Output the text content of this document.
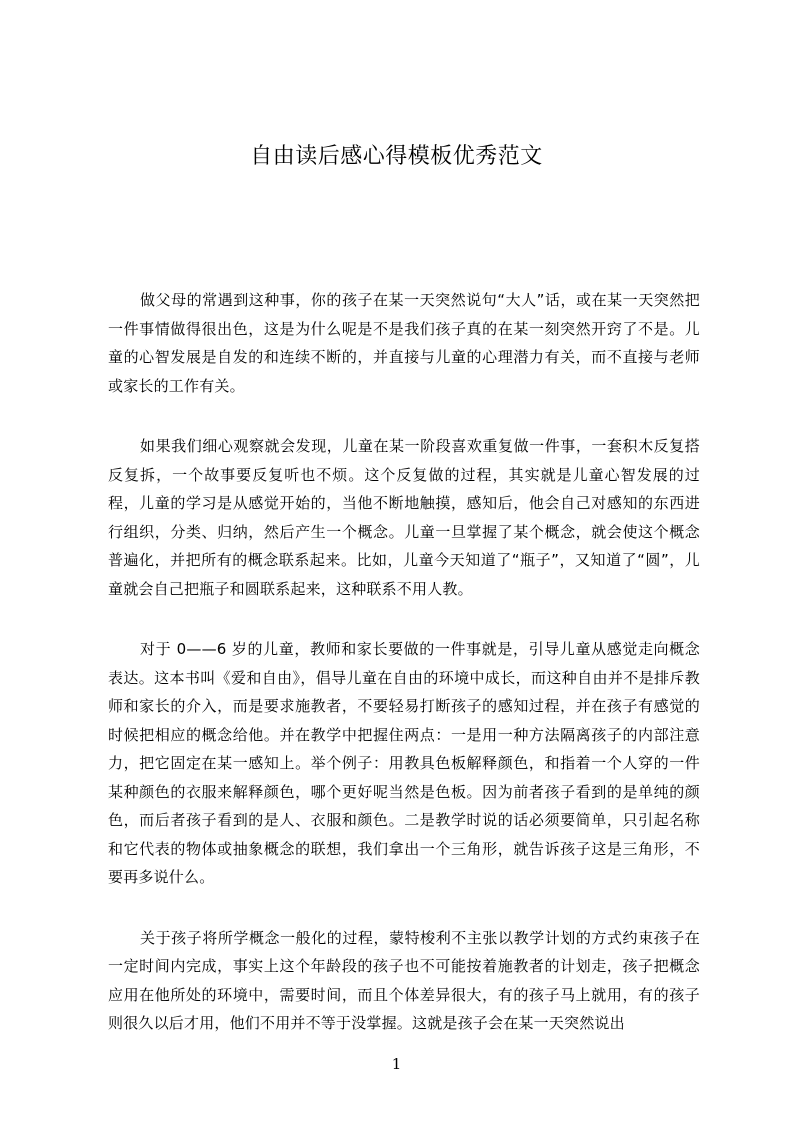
自由读后感心得模板优秀范文

做父母的常遇到这种事，你的孩子在某一天突然说句“大人”话，或在某一天突然把一件事情做得很出色，这是为什么呢是不是我们孩子真的在某一刻突然开窍了不是。儿童的心智发展是自发的和连续不断的，并直接与儿童的心理潜力有关，而不直接与老师或家长的工作有关。

如果我们细心观察就会发现，儿童在某一阶段喜欢重复做一件事，一套积木反复搭反复拆，一个故事要反复听也不烦。这个反复做的过程，其实就是儿童心智发展的过程，儿童的学习是从感觉开始的，当他不断地触摸，感知后，他会自己对感知的东西进行组织，分类、归纳，然后产生一个概念。儿童一旦掌握了某个概念，就会使这个概念普遍化，并把所有的概念联系起来。比如，儿童今天知道了“瓶子”，又知道了“圆”，儿童就会自己把瓶子和圆联系起来，这种联系不用人教。

对于 0——6 岁的儿童，教师和家长要做的一件事就是，引导儿童从感觉走向概念表达。这本书叫《爱和自由》，倡导儿童在自由的环境中成长，而这种自由并不是排斥教师和家长的介入，而是要求施教者，不要轻易打断孩子的感知过程，并在孩子有感觉的时候把相应的概念给他。并在教学中把握住两点：一是用一种方法隔离孩子的内部注意力，把它固定在某一感知上。举个例子：用教具色板解释颜色，和指着一个人穿的一件某种颜色的衣服来解释颜色，哪个更好呢当然是色板。因为前者孩子看到的是单纯的颜色，而后者孩子看到的是人、衣服和颜色。二是教学时说的话必须要简单，只引起名称和它代表的物体或抽象概念的联想，我们拿出一个三角形，就告诉孩子这是三角形，不要再多说什么。

关于孩子将所学概念一般化的过程，蒙特梭利不主张以教学计划的方式约束孩子在一定时间内完成，事实上这个年龄段的孩子也不可能按着施教者的计划走，孩子把概念应用在他所处的环境中，需要时间，而且个体差异很大，有的孩子马上就用，有的孩子则很久以后才用，他们不用并不等于没掌握。这就是孩子会在某一天突然说出

1
